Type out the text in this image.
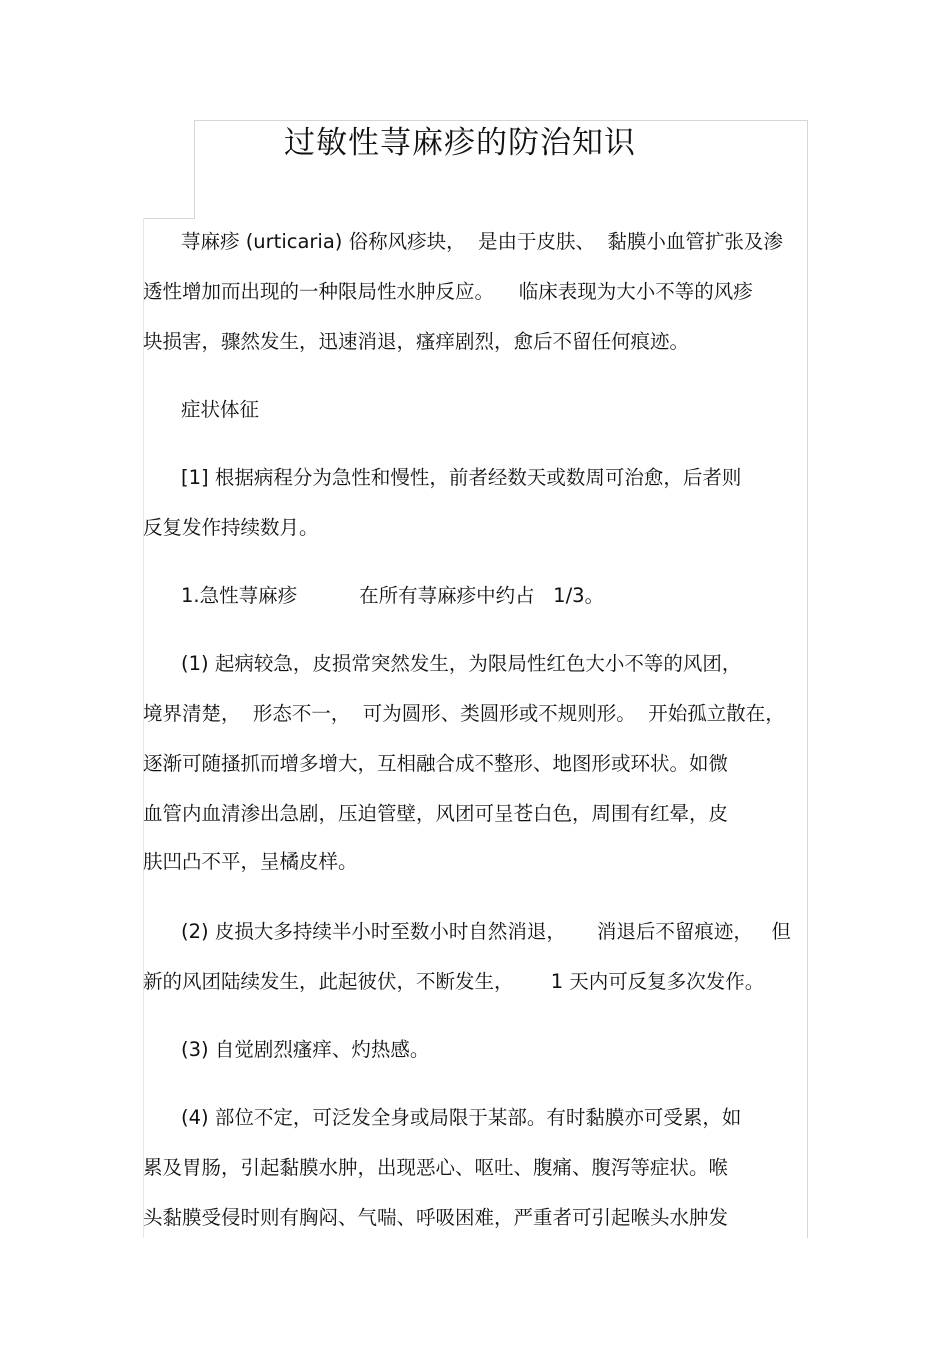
过敏性荨麻疹的防治知识

荨麻疹 (urticaria) 俗称风疹块，  是由于皮肤、  黏膜小血管扩张及渗

透性增加而出现的一种限局性水肿反应。    临床表现为大小不等的风疹

块损害，骤然发生，迅速消退，瘙痒剧烈，愈后不留任何痕迹。

症状体征

[1] 根据病程分为急性和慢性，前者经数天或数周可治愈，后者则

反复发作持续数月。

1.急性荨麻疹          在所有荨麻疹中约占   1/3。

(1) 起病较急，皮损常突然发生，为限局性红色大小不等的风团，

境界清楚，  形态不一，  可为圆形、类圆形或不规则形。  开始孤立散在，

逐渐可随搔抓而增多增大，互相融合成不整形、地图形或环状。如微

血管内血清渗出急剧，压迫管壁，风团可呈苍白色，周围有红晕，皮

肤凹凸不平，呈橘皮样。

(2) 皮损大多持续半小时至数小时自然消退，     消退后不留痕迹，   但

新的风团陆续发生，此起彼伏，不断发生，      1 天内可反复多次发作。

(3) 自觉剧烈瘙痒、灼热感。

(4) 部位不定，可泛发全身或局限于某部。有时黏膜亦可受累，如

累及胃肠，引起黏膜水肿，出现恶心、呕吐、腹痛、腹泻等症状。喉

头黏膜受侵时则有胸闷、气喘、呼吸困难，严重者可引起喉头水肿发
